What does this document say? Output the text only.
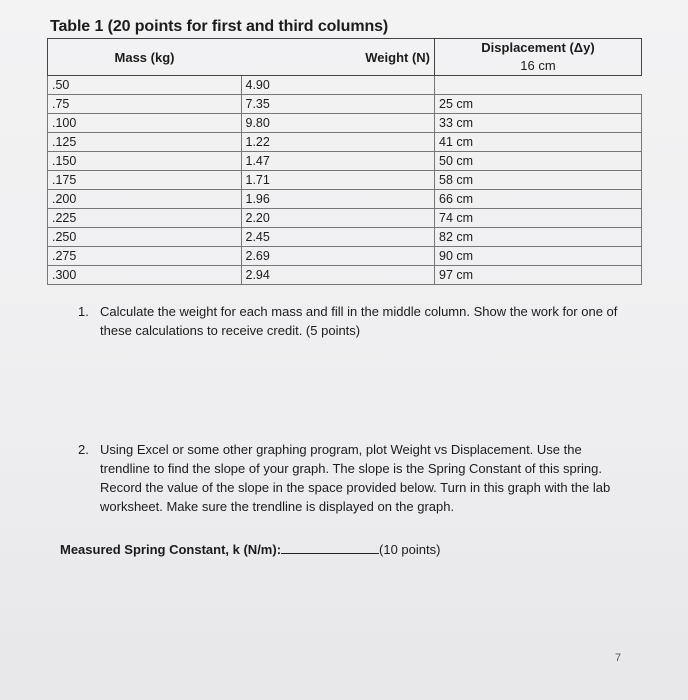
Table 1 (20 points for first and third columns)
Mass (kg)	Weight (N)	Displacement (Δy)
16 cm

.50	4.90	
.75	7.35	25 cm
.100	9.80	33 cm
.125	1.22	41 cm
.150	1.47	50 cm
.175	1.71	58 cm
.200	1.96	66 cm
.225	2.20	74 cm
.250	2.45	82 cm
.275	2.69	90 cm
.300	2.94	97 cm
1. Calculate the weight for each mass and fill in the middle column. Show the work for one of these calculations to receive credit. (5 points)
2. Using Excel or some other graphing program, plot Weight vs Displacement. Use the trendline to find the slope of your graph. The slope is the Spring Constant of this spring. Record the value of the slope in the space provided below. Turn in this graph with the lab worksheet. Make sure the trendline is displayed on the graph.
Measured Spring Constant, k (N/m):	(10 points)
7
